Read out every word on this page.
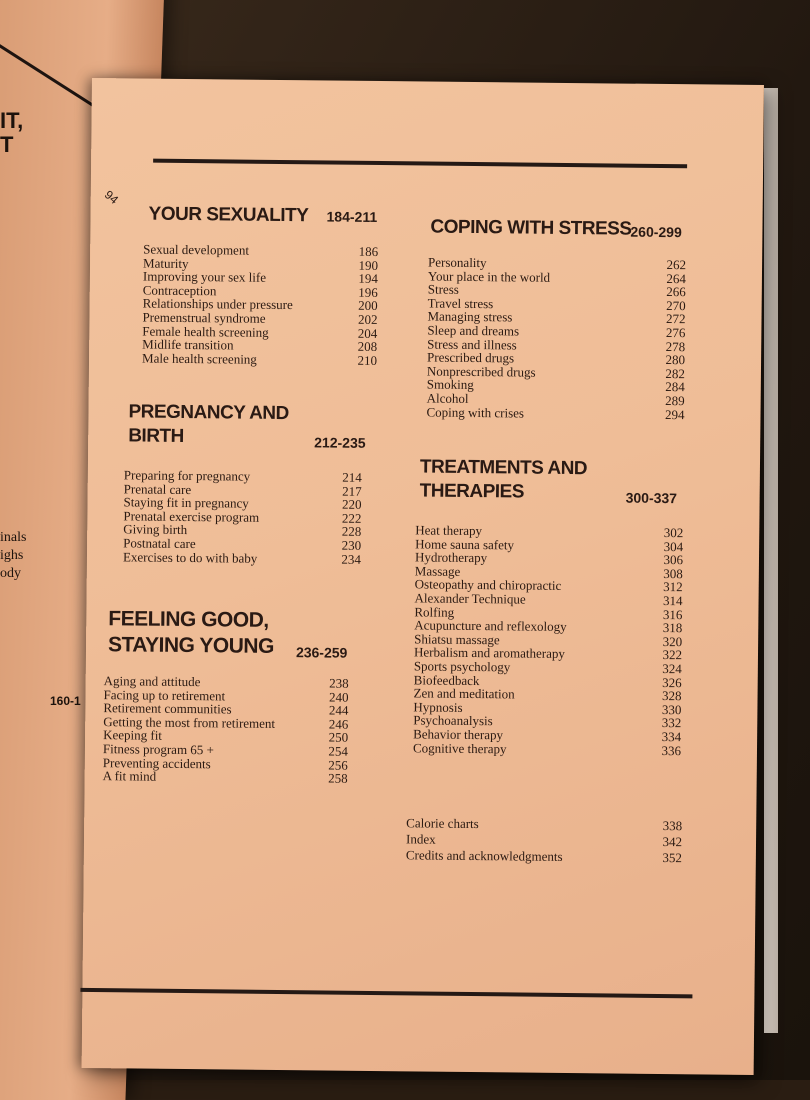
IT,
T
inals
ighs
ody
160-1
94
YOUR SEXUALITY	184-211
Sexual development	186
Maturity	190
Improving your sex life	194
Contraception	196
Relationships under pressure	200
Premenstrual syndrome	202
Female health screening	204
Midlife transition	208
Male health screening	210
PREGNANCY AND
BIRTH	212-235
Preparing for pregnancy	214
Prenatal care	217
Staying fit in pregnancy	220
Prenatal exercise program	222
Giving birth	228
Postnatal care	230
Exercises to do with baby	234
FEELING GOOD,
STAYING YOUNG	236-259
Aging and attitude	238
Facing up to retirement	240
Retirement communities	244
Getting the most from retirement	246
Keeping fit	250
Fitness program 65 +	254
Preventing accidents	256
A fit mind	258
COPING WITH STRESS
260-299
Personality	262
Your place in the world	264
Stress	266
Travel stress	270
Managing stress	272
Sleep and dreams	276
Stress and illness	278
Prescribed drugs	280
Nonprescribed drugs	282
Smoking	284
Alcohol	289
Coping with crises	294
TREATMENTS AND
THERAPIES	300-337
Heat therapy	302
Home sauna safety	304
Hydrotherapy	306
Massage	308
Osteopathy and chiropractic	312
Alexander Technique	314
Rolfing	316
Acupuncture and reflexology	318
Shiatsu massage	320
Herbalism and aromatherapy	322
Sports psychology	324
Biofeedback	326
Zen and meditation	328
Hypnosis	330
Psychoanalysis	332
Behavior therapy	334
Cognitive therapy	336
Calorie charts	338
Index	342
Credits and acknowledgments	352
